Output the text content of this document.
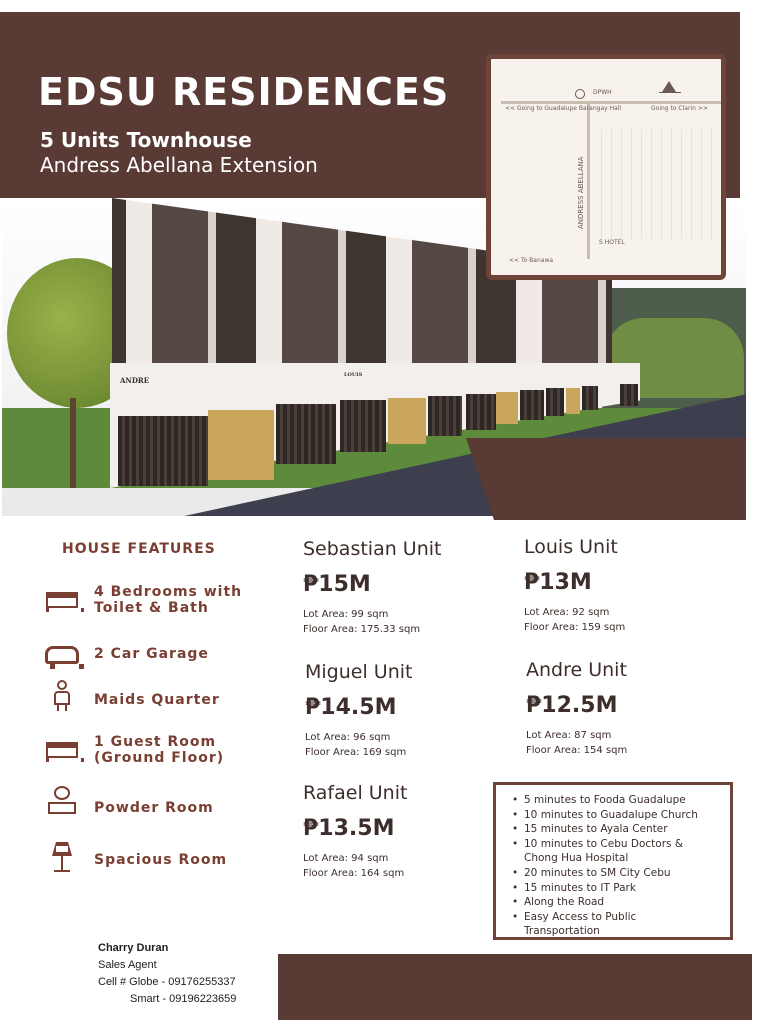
EDSU RESIDENCES
5 Units Townhouse
Andress Abellana Extension
ANDRE
LOUIS
DPWH
<< Going to Guadalupe Barangay Hall	Going to Clarin >>
ANDRESS ABELLANA
S HOTEL
<< To Banawa
HOUSE FEATURES
4 Bedrooms with
Toilet & Bath
2 Car Garage
Maids Quarter
1 Guest Room
(Ground Floor)
Powder Room
Spacious Room
Sebastian Unit
₱15M
Lot Area: 99 sqm
Floor Area: 175.33 sqm
Louis Unit
₱13M
Lot Area: 92 sqm
Floor Area: 159 sqm
Miguel Unit
₱14.5M
Lot Area: 96 sqm
Floor Area: 169 sqm
Andre Unit
₱12.5M
Lot Area: 87 sqm
Floor Area: 154 sqm
Rafael Unit
₱13.5M
Lot Area: 94 sqm
Floor Area: 164 sqm
• 5 minutes to Fooda Guadalupe
• 10 minutes to Guadalupe Church
• 15 minutes to Ayala Center
• 10 minutes to Cebu Doctors &
Chong Hua Hospital
• 20 minutes to SM City Cebu
• 15 minutes to IT Park
• Along the Road
• Easy Access to Public
Transportation
Charry Duran
Sales Agent
Cell # Globe - 09176255337
Smart - 09196223659
